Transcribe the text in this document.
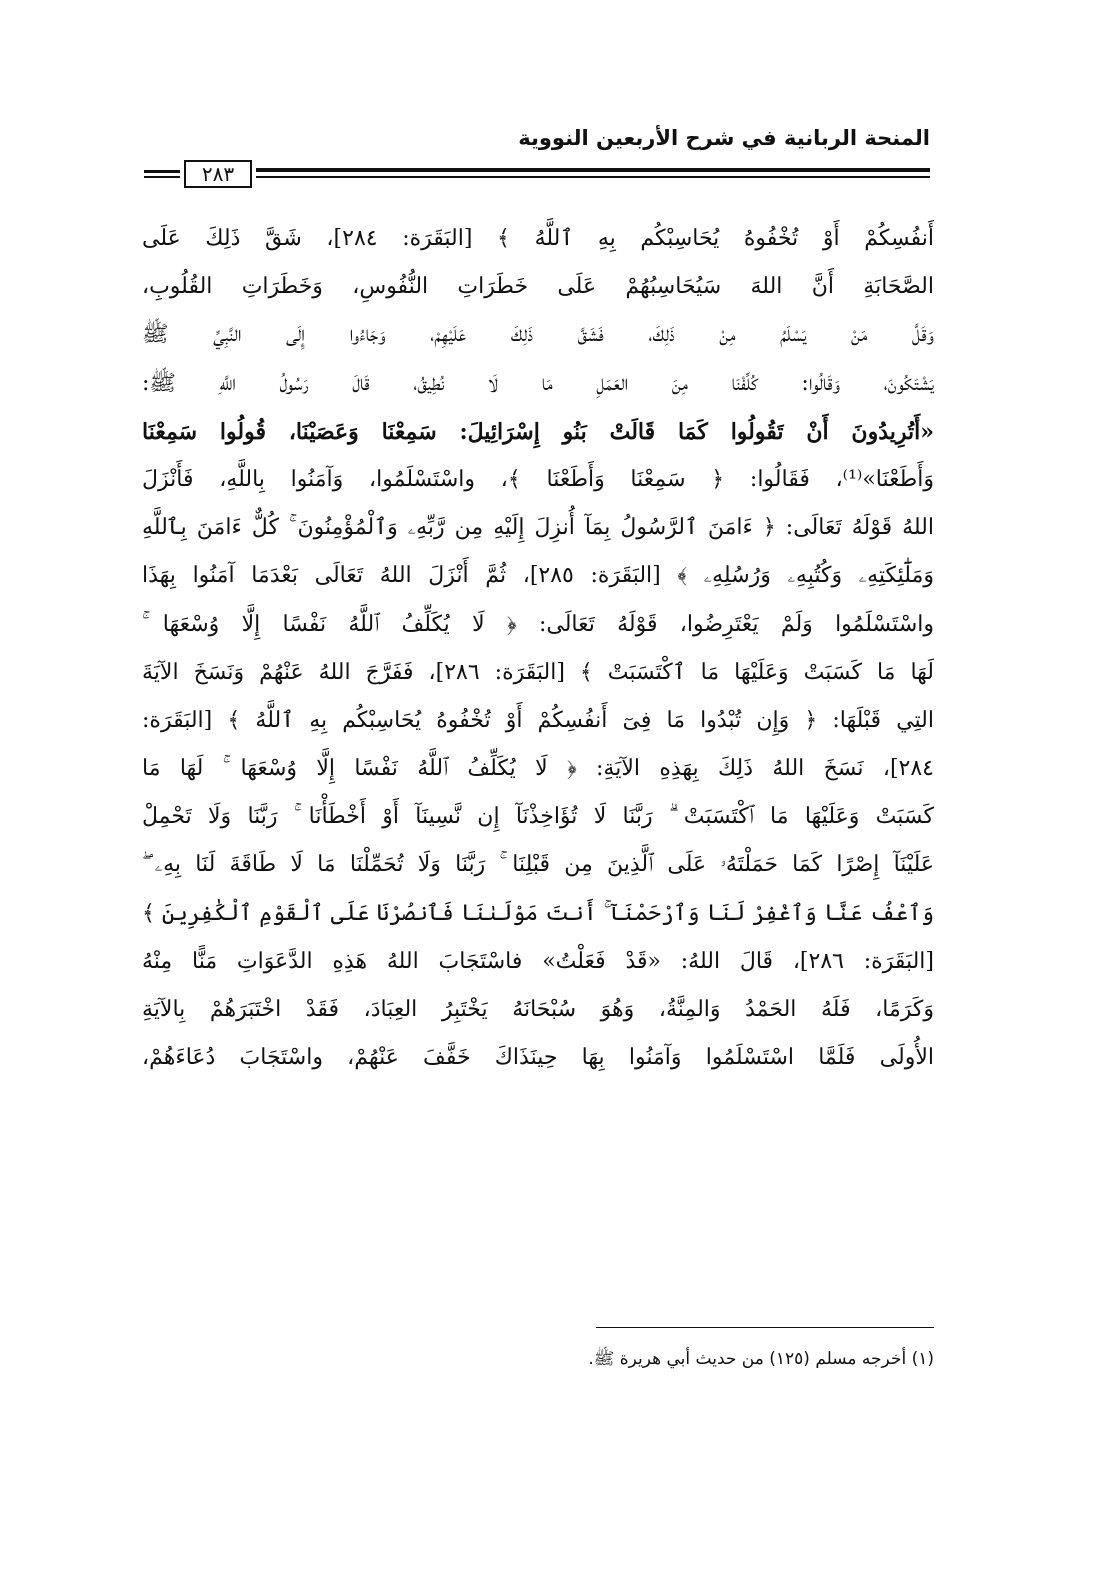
المنحة الربانية في شرح الأربعين النووية
٢٨٣
أَنفُسِكُمْ أَوْ تُخْفُوهُ يُحَاسِبْكُم بِهِ ٱللَّهُ ﴾ [البَقَرَة: ٢٨٤]، شَقَّ ذَلِكَ عَلَى
الصَّحَابَةِ أَنَّ اللهَ سَيُحَاسِبُهُمْ عَلَى خَطَرَاتِ النُّفُوسِ، وَخَطَرَاتِ القُلُوبِ،
وَقَلَّ مَنْ يَسْلَمُ مِنْ ذَلِكَ، فَشَقَّ ذَلِكَ عَلَيْهِمْ، وَجَاءُوا إِلَى النَّبِيِّ ﷺ
يَشْتَكُونَ، وَقَالُوا: كُلِّفْنَا مِنَ العَمَلِ مَا لَا نُطِيقُ، قَالَ رَسُولُ اللَّهِ ﷺ:
«أَتُرِيدُونَ أَنْ تَقُولُوا كَمَا قَالَتْ بَنُو إِسْرَائِيلَ: سَمِعْنَا وَعَصَيْنَا، قُولُوا سَمِعْنَا
وَأَطَعْنَا»⁽¹⁾، فَقَالُوا: ﴿ سَمِعْنَا وَأَطَعْنَا ﴾، واسْتَسْلَمُوا، وَآمَنُوا بِاللَّهِ، فَأَنْزَلَ
اللهُ قَوْلَهُ تَعَالَى: ﴿ ءَامَنَ ٱلرَّسُولُ بِمَآ أُنزِلَ إِلَيْهِ مِن رَّبِّهِۦ وَٱلْمُؤْمِنُونَ ۚ كُلٌّ ءَامَنَ بِٱللَّهِ
وَمَلَٰٓئِكَتِهِۦ وَكُتُبِهِۦ وَرُسُلِهِۦ ﴾ [البَقَرَة: ٢٨٥]، ثُمَّ أَنْزَلَ اللهُ تَعَالَى بَعْدَمَا آمَنُوا بِهَذَا
واسْتَسْلَمُوا وَلَمْ يَعْتَرِضُوا، قَوْلَهُ تَعَالَى: ﴿ لَا يُكَلِّفُ ٱللَّهُ نَفْسًا إِلَّا وُسْعَهَا ۚ
لَهَا مَا كَسَبَتْ وَعَلَيْهَا مَا ٱكْتَسَبَتْ ﴾ [البَقَرَة: ٢٨٦]، فَفَرَّجَ اللهُ عَنْهُمْ وَنَسَخَ الآيَةَ
التِي قَبْلَهَا: ﴿ وَإِن تُبْدُوا مَا فِىٓ أَنفُسِكُمْ أَوْ تُخْفُوهُ يُحَاسِبْكُم بِهِ ٱللَّهُ ﴾ [البَقَرَة:
٢٨٤]، نَسَخَ اللهُ ذَلِكَ بِهَذِهِ الآيَةِ: ﴿ لَا يُكَلِّفُ ٱللَّهُ نَفْسًا إِلَّا وُسْعَهَا ۚ لَهَا مَا
كَسَبَتْ وَعَلَيْهَا مَا ٱكْتَسَبَتْ ۗ رَبَّنَا لَا تُؤَاخِذْنَآ إِن نَّسِينَآ أَوْ أَخْطَأْنَا ۚ رَبَّنَا وَلَا تَحْمِلْ
عَلَيْنَآ إِصْرًا كَمَا حَمَلْتَهُۥ عَلَى ٱلَّذِينَ مِن قَبْلِنَا ۚ رَبَّنَا وَلَا تُحَمِّلْنَا مَا لَا طَاقَةَ لَنَا بِهِۦ ۖ
وَٱعْفُ عَنَّا وَٱغْفِرْ لَنَا وَٱرْحَمْنَآ ۚ أَنتَ مَوْلَىٰنَا فَٱنصُرْنَا عَلَى ٱلْقَوْمِ ٱلْكَٰفِرِينَ ﴾
[البَقَرَة: ٢٨٦]، قَالَ اللهُ: «قَدْ فَعَلْتُ» فاسْتَجَابَ اللهُ هَذِهِ الدَّعَوَاتِ مَنًّا مِنْهُ
وَكَرَمًا، فَلَهُ الحَمْدُ وَالمِنَّةُ، وَهُوَ سُبْحَانَهُ يَخْتَبِرُ العِبَادَ، فَقَدْ اخْتَبَرَهُمْ بِالآيَةِ
الأُولَى فَلَمَّا اسْتَسْلَمُوا وَآمَنُوا بِهَا حِينَذَاكَ خَفَّفَ عَنْهُمْ، واسْتَجَابَ دُعَاءَهُمْ،
(١) أخرجه مسلم (١٢٥) من حديث أبي هريرة ﷺ.
